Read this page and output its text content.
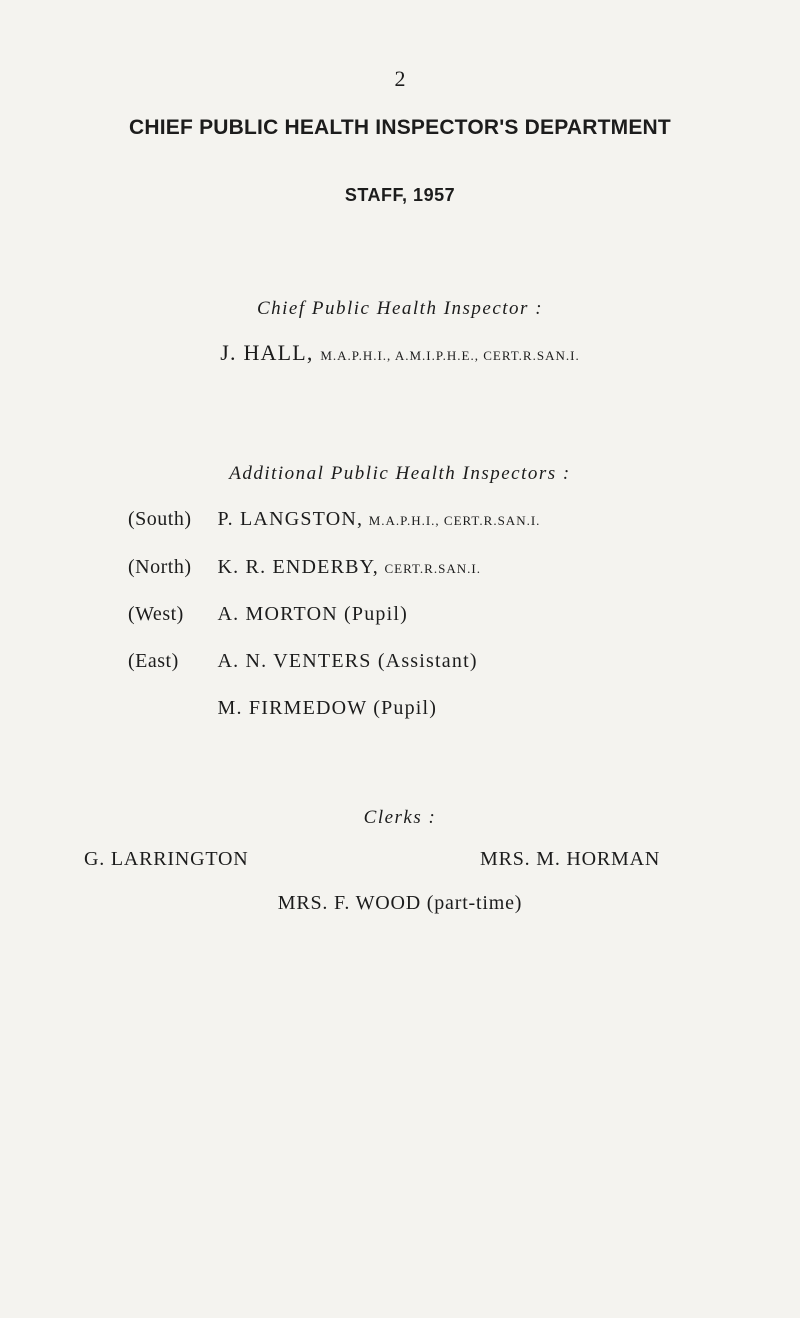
2
CHIEF PUBLIC HEALTH INSPECTOR'S DEPARTMENT
STAFF, 1957
Chief Public Health Inspector :
J. HALL, M.A.P.H.I., A.M.I.P.H.E., CERT.R.SAN.I.
Additional Public Health Inspectors :
(South) P. LANGSTON, M.A.P.H.I., CERT.R.SAN.I.
(North) K. R. ENDERBY, CERT.R.SAN.I.
(West) A. MORTON (Pupil)
(East) A. N. VENTERS (Assistant)
M. FIRMEDOW (Pupil)
Clerks :
G. LARRINGTON	MRS. M. HORMAN
MRS. F. WOOD (part-time)
